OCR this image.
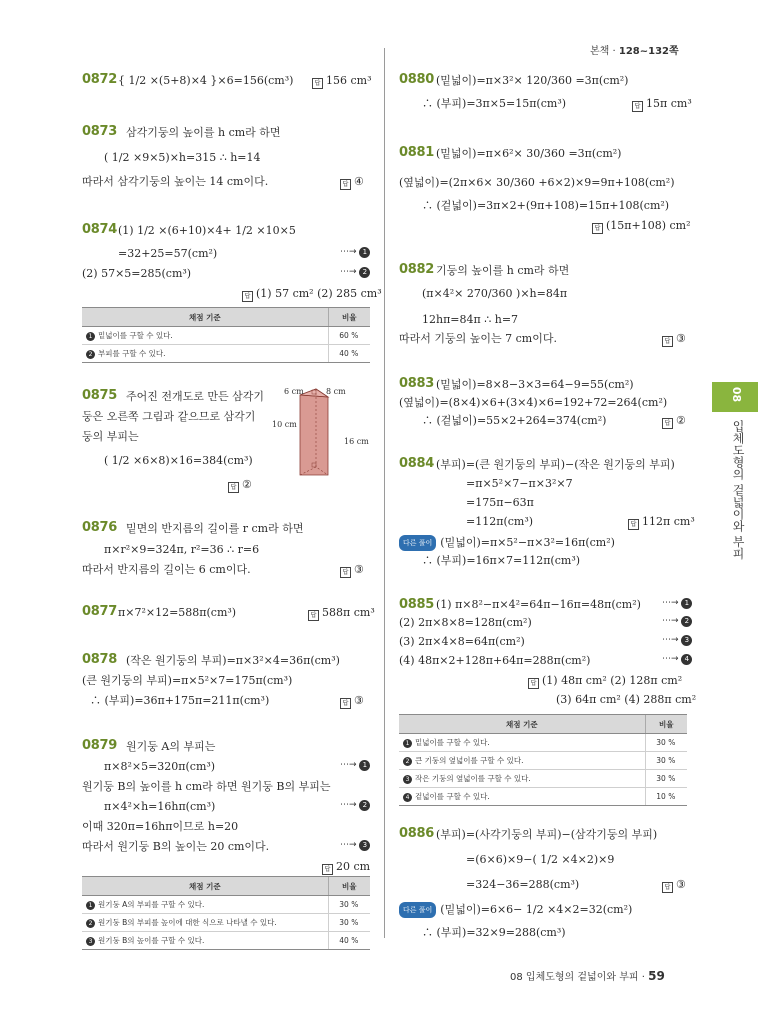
본책 · 128~132쪽
08
입체도형의 겉넓이와 부피
0872 { 1/2 ×(5+8)×4 }×6=156(cm³)	답 156 cm³
0873 삼각기둥의 높이를 h cm라 하면
( 1/2 ×9×5)×h=315 ∴ h=14
따라서 삼각기둥의 높이는 14 cm이다.	답 ④
0874 (1) 1/2 ×(6+10)×4+ 1/2 ×10×5
=32+25=57(cm²)	⋯→ 1
(2) 57×5=285(cm³)	⋯→ 2
답 (1) 57 cm² (2) 285 cm³
채점 기준	비율
1 밑넓이를 구할 수 있다.	60 %
2 부피를 구할 수 있다.	40 %
0875 주어진 전개도로 만든 삼각기
둥은 오른쪽 그림과 같으므로 삼각기
둥의 부피는
( 1/2 ×6×8)×16=384(cm³)
답 ②
6 cm	8 cm
10 cm
16 cm
0876 밑면의 반지름의 길이를 r cm라 하면
π×r²×9=324π, r²=36 ∴ r=6
따라서 반지름의 길이는 6 cm이다.	답 ③
0877 π×7²×12=588π(cm³)	답 588π cm³
0878 (작은 원기둥의 부피)=π×3²×4=36π(cm³)
(큰 원기둥의 부피)=π×5²×7=175π(cm³)
∴ (부피)=36π+175π=211π(cm³)	답 ③
0879 원기둥 A의 부피는
π×8²×5=320π(cm³)	⋯→ 1
원기둥 B의 높이를 h cm라 하면 원기둥 B의 부피는
π×4²×h=16hπ(cm³)	⋯→ 2
이때 320π=16hπ이므로 h=20
따라서 원기둥 B의 높이는 20 cm이다.	⋯→ 3
답 20 cm
채점 기준	비율
1 원기둥 A의 부피를 구할 수 있다.	30 %
2 원기둥 B의 부피를 높이에 대한 식으로 나타낼 수 있다.	30 %
3 원기둥 B의 높이를 구할 수 있다.	40 %
0880 (밑넓이)=π×3²× 120/360 =3π(cm²)
∴ (부피)=3π×5=15π(cm³)	답 15π cm³
0881 (밑넓이)=π×6²× 30/360 =3π(cm²)
(옆넓이)=(2π×6× 30/360 +6×2)×9=9π+108(cm²)
∴ (겉넓이)=3π×2+(9π+108)=15π+108(cm²)
답 (15π+108) cm²
0882 기둥의 높이를 h cm라 하면
(π×4²× 270/360 )×h=84π
12hπ=84π ∴ h=7
따라서 기둥의 높이는 7 cm이다.	답 ③
0883 (밑넓이)=8×8−3×3=64−9=55(cm²)
(옆넓이)=(8×4)×6+(3×4)×6=192+72=264(cm²)
∴ (겉넓이)=55×2+264=374(cm²)	답 ②
0884 (부피)=(큰 원기둥의 부피)−(작은 원기둥의 부피)
=π×5²×7−π×3²×7
=175π−63π
=112π(cm³)	답 112π cm³
다른 풀이 (밑넓이)=π×5²−π×3²=16π(cm²)
∴ (부피)=16π×7=112π(cm³)
0885 (1) π×8²−π×4²=64π−16π=48π(cm²) ⋯→ 1
(2) 2π×8×8=128π(cm²)	⋯→ 2
(3) 2π×4×8=64π(cm²)	⋯→ 3
(4) 48π×2+128π+64π=288π(cm²)	⋯→ 4
답 (1) 48π cm² (2) 128π cm²
(3) 64π cm² (4) 288π cm²
채점 기준	비율
1 밑넓이를 구할 수 있다.	30 %
2 큰 기둥의 옆넓이를 구할 수 있다.	30 %
3 작은 기둥의 옆넓이를 구할 수 있다.	30 %
4 겉넓이를 구할 수 있다.	10 %
0886 (부피)=(사각기둥의 부피)−(삼각기둥의 부피)
=(6×6)×9−( 1/2 ×4×2)×9
=324−36=288(cm³)	답 ③
다른 풀이 (밑넓이)=6×6− 1/2 ×4×2=32(cm²)
∴ (부피)=32×9=288(cm³)
08 입체도형의 겉넓이와 부피 · 59
